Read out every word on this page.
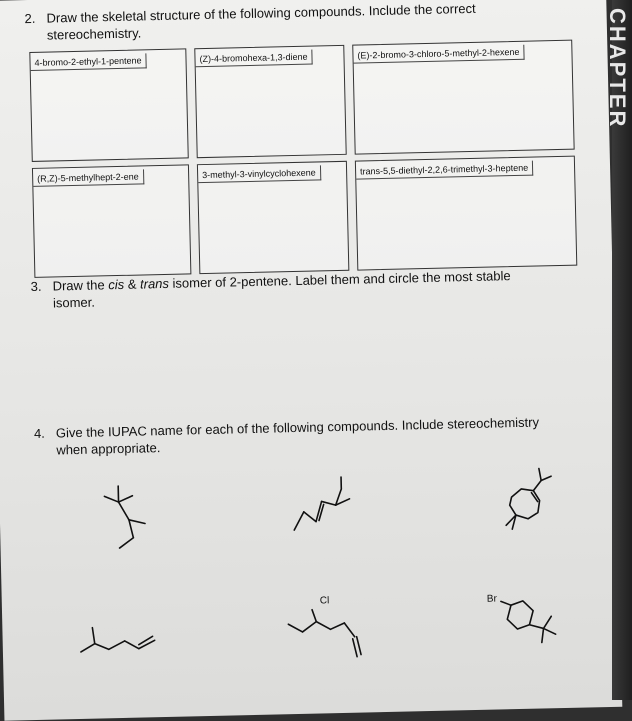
2. Draw the skeletal structure of the following compounds. Include the correct
stereochemistry.
4-bromo-2-ethyl-1-pentene	(Z)-4-bromohexa-1,3-diene	(E)-2-bromo-3-chloro-5-methyl-2-hexene
(R,Z)-5-methylhept-2-ene	3-methyl-3-vinylcyclohexene	trans-5,5-diethyl-2,2,6-trimethyl-3-heptene
3. Draw the cis & trans isomer of 2-pentene. Label them and circle the most stable
isomer.
4. Give the IUPAC name for each of the following compounds. Include stereochemistry
when appropriate.
Cl	Br
CHAPTER
